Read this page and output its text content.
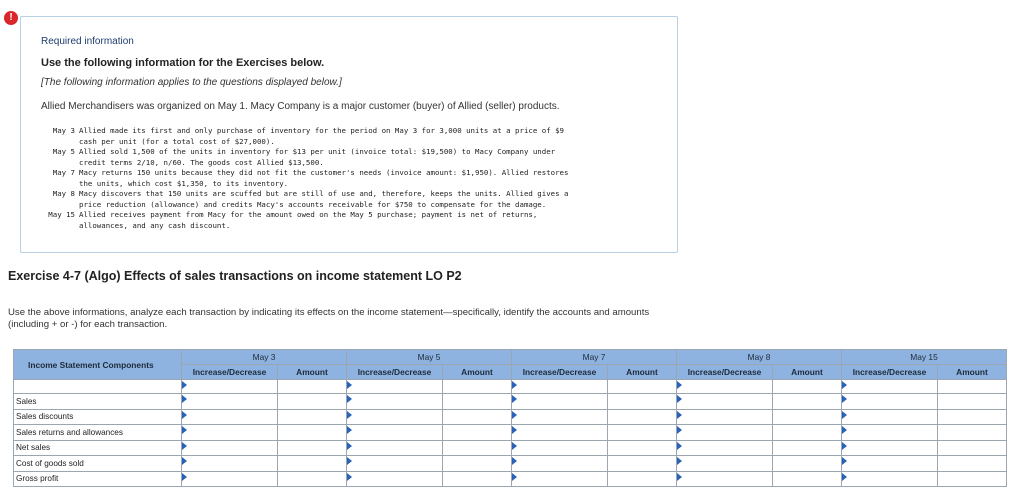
!
Required information
Use the following information for the Exercises below.
[The following information applies to the questions displayed below.]
Allied Merchandisers was organized on May 1. Macy Company is a major customer (buyer) of Allied (seller) products.
May 3 Allied made its first and only purchase of inventory for the period on May 3 for 3,000 units at a price of $9
cash per unit (for a total cost of $27,000).
May 5 Allied sold 1,500 of the units in inventory for $13 per unit (invoice total: $19,500) to Macy Company under
credit terms 2/10, n/60. The goods cost Allied $13,500.
May 7 Macy returns 150 units because they did not fit the customer's needs (invoice amount: $1,950). Allied restores
the units, which cost $1,350, to its inventory.
May 8 Macy discovers that 150 units are scuffed but are still of use and, therefore, keeps the units. Allied gives a
price reduction (allowance) and credits Macy's accounts receivable for $750 to compensate for the damage.
May 15 Allied receives payment from Macy for the amount owed on the May 5 purchase; payment is net of returns,
allowances, and any cash discount.
Exercise 4-7 (Algo) Effects of sales transactions on income statement LO P2
Use the above informations, analyze each transaction by indicating its effects on the income statement—specifically, identify the accounts and amounts (including + or -) for each transaction.
Income Statement Components	May 3		May 5		May 7		May 8		May 15	
	Increase/Decrease	Amount	Increase/Decrease	Amount	Increase/Decrease	Amount	Increase/Decrease	Amount	Increase/Decrease	Amount

Sales										
Sales discounts										
Sales returns and allowances										
Net sales										
Cost of goods sold										
Gross profit										
